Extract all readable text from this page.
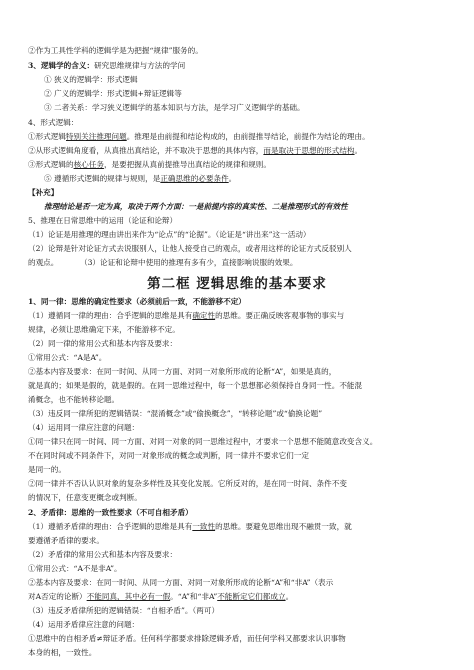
②作为工具性学科的逻辑学是为把握“规律”服务的。
3、逻辑学的含义：研究思维规律与方法的学问
① 狭义的逻辑学：形式逻辑
② 广义的逻辑学：形式逻辑+辩证逻辑等
③ 二者关系：学习狭义逻辑学的基本知识与方法，是学习广义逻辑学的基础。
4、形式逻辑：
①形式逻辑特别关注推理问题。推理是由前提和结论构成的，由前提推导结论，前提作为结论的理由。
②从形式逻辑角度看，从真推出真结论，并不取决于思想的具体内容，而是取决于思想的形式结构。
③形式逻辑的核心任务，是要把握从真前提推导出真结论的规律和规则。
⑤ 遵循形式逻辑的规律与规则，是正确思维的必要条件。
【补充】
推理结论是否一定为真，取决于两个方面：一是前提内容的真实性、二是推理形式的有效性
5、推理在日常思维中的运用（论证和论辩）
（1）论证是用推理的理由讲出来作为“论点”的“论据”。（论证是“讲出来”这一活动）
（2）论辩是针对论证方式去说服别人，让他人接受自己的观点，或者用这样的论证方式反驳别人
的观点。	（3）论证和论辩中使用的推理有多有少，直接影响说服的效果。
第二框 逻辑思维的基本要求
1、同一律：思维的确定性要求（必须前后一致，不能游移不定）
（1）遵循同一律的理由：合乎逻辑的思维是具有确定性的思维。要正确反映客观事物的事实与
规律，必须让思维确定下来，不能游移不定。
（2）同一律的常用公式和基本内容及要求：
①常用公式：“A是A”。
②基本内容及要求：在同一时间、从同一方面、对同一对象所形成的论断“A”，如果是真的，
就是真的；如果是假的，就是假的。在同一思维过程中，每一个思想都必须保持自身同一性。不能混
淆概念，也不能转移论题。
（3）违反同一律所犯的逻辑错误：“混淆概念”或“偷换概念”，“转移论题”或“偷换论题”
（4）运用同一律应注意的问题：
①同一律只在同一时间、同一方面、对同一对象的同一思维过程中，才要求一个思想不能随意改变含义。
不在同时间或不同条件下，对同一对象形成的概念或判断，同一律并不要求它们一定
是同一的。
②同一律并不否认认识对象的复杂多样性及其变化发展。它所反对的，是在同一时间、条件不变
的情况下，任意变更概念或判断。
2、矛盾律：思维的一致性要求（不可自相矛盾）
（1）遵循矛盾律的理由：合乎逻辑的思维是具有一致性的思维。要避免思维出现不融贯一致，就
要遵循矛盾律的要求。
（2）矛盾律的常用公式和基本内容及要求：
①常用公式：“A不是非A”。
②基本内容及要求：在同一时间、从同一方面、对同一对象所形成的论断“A”和“非A”（表示
对A否定的论断）不能同真，其中必有一假。“A”和“非A”不能断定它们都成立。
（3）违反矛盾律所犯的逻辑错误：“自相矛盾”。（两可）
（4）运用矛盾律应注意的问题：
①思维中的自相矛盾≠辩证矛盾。任何科学都要求排除逻辑矛盾，而任何学科又都要求认识事物
本身的相，一致性。
